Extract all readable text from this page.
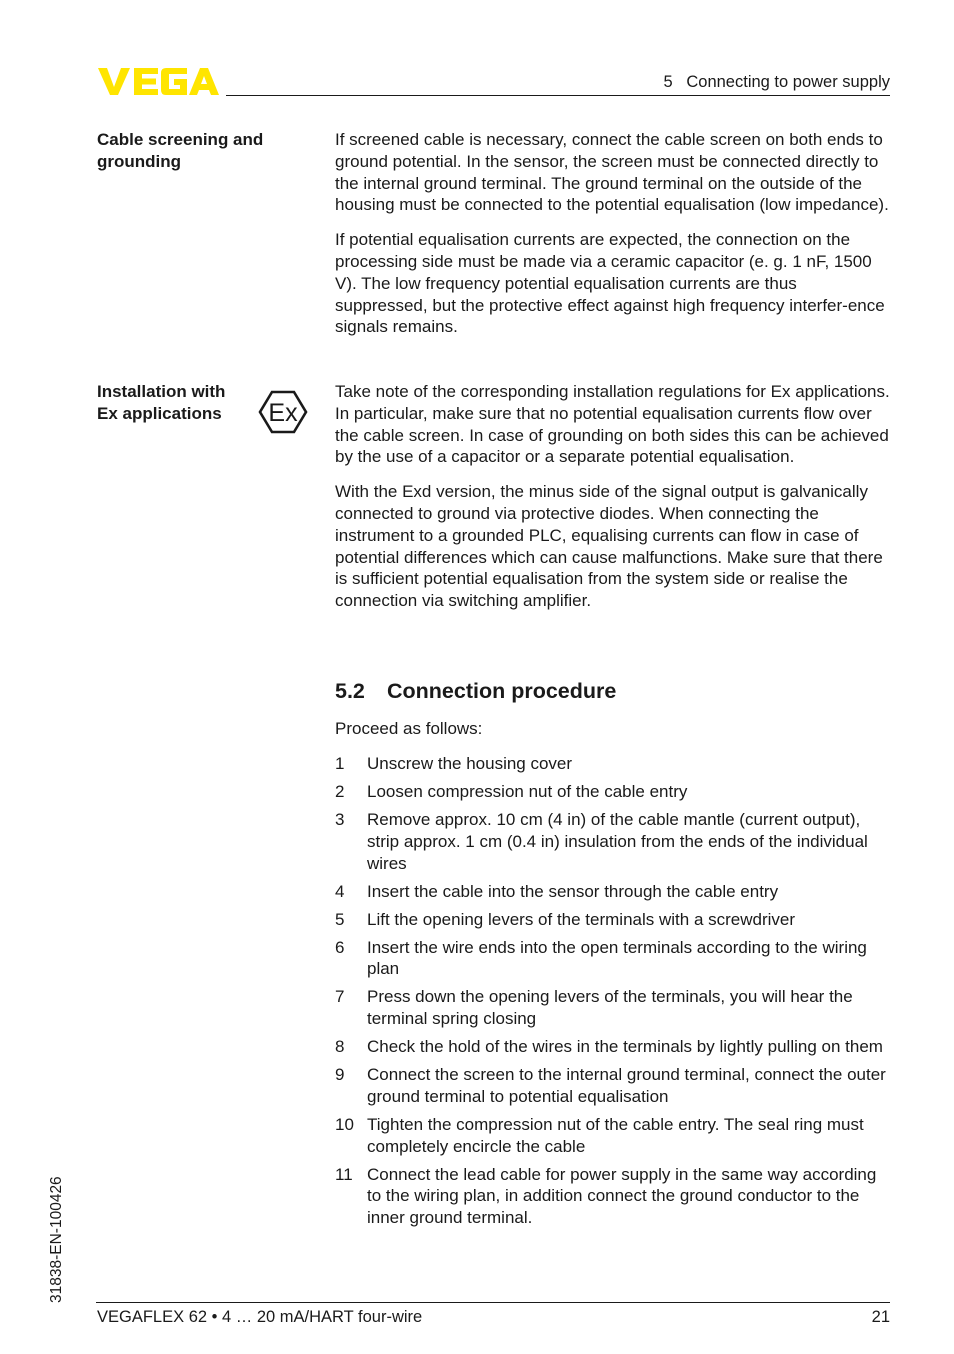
5   Connecting to power supply
Cable screening and grounding

If screened cable is necessary, connect the cable screen on both ends to ground potential. In the sensor, the screen must be connected directly to the internal ground terminal. The ground terminal on the outside of the housing must be connected to the potential equalisation (low impedance).

If potential equalisation currents are expected, the connection on the processing side must be made via a ceramic capacitor (e. g. 1 nF, 1500 V). The low frequency potential equalisation currents are thus suppressed, but the protective effect against high frequency interfer-ence signals remains.

Installation with Ex applications	Ex

Take note of the corresponding installation regulations for Ex applications. In particular, make sure that no potential equalisation currents flow over the cable screen. In case of grounding on both sides this can be achieved by the use of a capacitor or a separate potential equalisation.

With the Exd version, the minus side of the signal output is galvanically connected to ground via protective diodes. When connecting the instrument to a grounded PLC, equalising currents can flow in case of potential differences which can cause malfunctions. Make sure that there is sufficient potential equalisation from the system side or realise the connection via switching amplifier.

5.2 Connection procedure
Proceed as follows:
1	Unscrew the housing cover
2	Loosen compression nut of the cable entry
3	Remove approx. 10 cm (4 in) of the cable mantle (current output), strip approx. 1 cm (0.4 in) insulation from the ends of the individual wires
4	Insert the cable into the sensor through the cable entry
5	Lift the opening levers of the terminals with a screwdriver
6	Insert the wire ends into the open terminals according to the wiring plan
7	Press down the opening levers of the terminals, you will hear the terminal spring closing
8	Check the hold of the wires in the terminals by lightly pulling on them
9	Connect the screen to the internal ground terminal, connect the outer ground terminal to potential equalisation
10 Tighten the compression nut of the cable entry. The seal ring must completely encircle the cable
11 Connect the lead cable for power supply in the same way according to the wiring plan, in addition connect the ground conductor to the inner ground terminal.
31838-EN-100426
VEGAFLEX 62 • 4 … 20 mA/HART four-wire	21
